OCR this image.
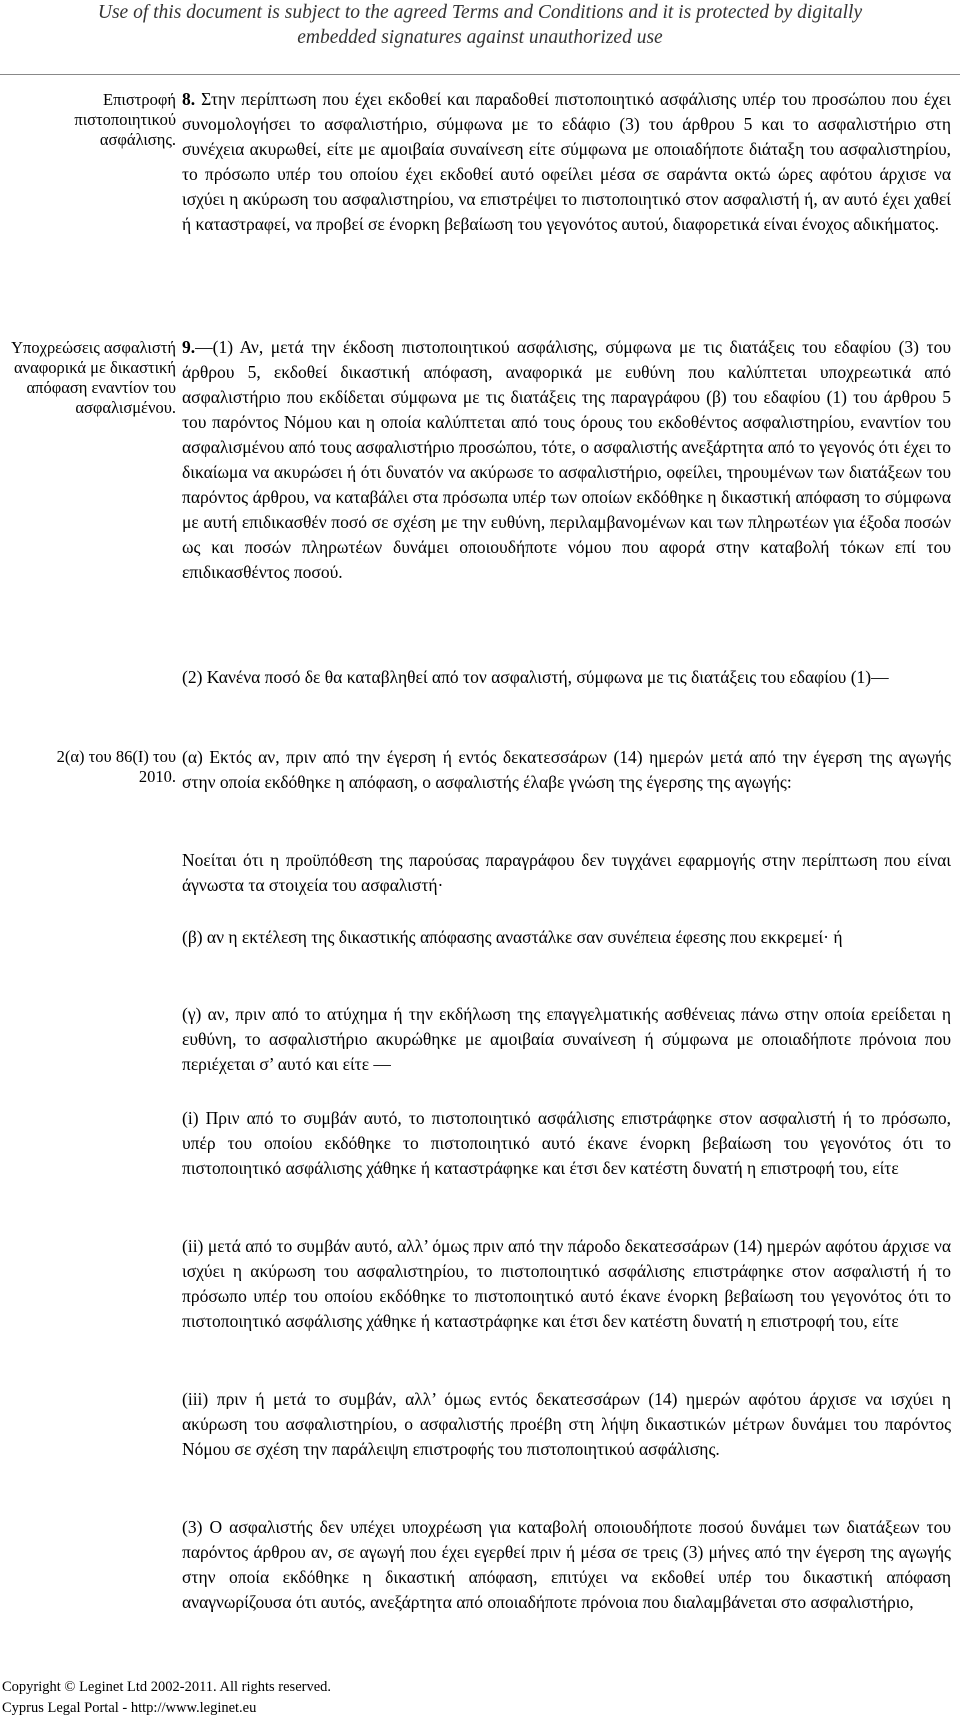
Use of this document is subject to the agreed Terms and Conditions and it is protected by digitally
embedded signatures against unauthorized use
Επιστροφή πιστοποιητικού ασφάλισης.
8. Στην περίπτωση που έχει εκδοθεί και παραδοθεί πιστοποιητικό ασφάλισης υπέρ του προσώπου που έχει συνομολογήσει το ασφαλιστήριο, σύμφωνα με το εδάφιο (3) του άρθρου 5 και το ασφαλιστήριο στη συνέχεια ακυρωθεί, είτε με αμοιβαία συναίνεση είτε σύμφωνα με οποιαδήποτε διάταξη του ασφαλιστηρίου, το πρόσωπο υπέρ του οποίου έχει εκδοθεί αυτό οφείλει μέσα σε σαράντα οκτώ ώρες αφότου άρχισε να ισχύει η ακύρωση του ασφαλιστηρίου, να επιστρέψει το πιστοποιητικό στον ασφαλιστή ή, αν αυτό έχει χαθεί ή καταστραφεί, να προβεί σε ένορκη βεβαίωση του γεγονότος αυτού, διαφορετικά είναι ένοχος αδικήματος.
Υποχρεώσεις ασφαλιστή αναφορικά με δικαστική απόφαση εναντίον του ασφαλισμένου.
9.—(1) Αν, μετά την έκδοση πιστοποιητικού ασφάλισης, σύμφωνα με τις διατάξεις του εδαφίου (3) του άρθρου 5, εκδοθεί δικαστική απόφαση, αναφορικά με ευθύνη που καλύπτεται υποχρεωτικά από ασφαλιστήριο που εκδίδεται σύμφωνα με τις διατάξεις της παραγράφου (β) του εδαφίου (1) του άρθρου 5 του παρόντος Νόμου και η οποία καλύπτεται από τους όρους του εκδοθέντος ασφαλιστηρίου, εναντίον του ασφαλισμένου από τους ασφαλιστήριο προσώπου, τότε, ο ασφαλιστής ανεξάρτητα από το γεγονός ότι έχει το δικαίωμα να ακυρώσει ή ότι δυνατόν να ακύρωσε το ασφαλιστήριο, οφείλει, τηρουμένων των διατάξεων του παρόντος άρθρου, να καταβάλει στα πρόσωπα υπέρ των οποίων εκδόθηκε η δικαστική απόφαση το σύμφωνα με αυτή επιδικασθέν ποσό σε σχέση με την ευθύνη, περιλαμβανομένων και των πληρωτέων για έξοδα ποσών ως και ποσών πληρωτέων δυνάμει οποιουδήποτε νόμου που αφορά στην καταβολή τόκων επί του επιδικασθέντος ποσού.
(2) Κανένα ποσό δε θα καταβληθεί από τον ασφαλιστή, σύμφωνα με τις διατάξεις του εδαφίου (1)—
2(α) του 86(Ι) του
2010.
(α) Εκτός αν, πριν από την έγερση ή εντός δεκατεσσάρων (14) ημερών μετά από την έγερση της αγωγής στην οποία εκδόθηκε η απόφαση, ο ασφαλιστής έλαβε γνώση της έγερσης της αγωγής:
Νοείται ότι η προϋπόθεση της παρούσας παραγράφου δεν τυγχάνει εφαρμογής στην περίπτωση που είναι άγνωστα τα στοιχεία του ασφαλιστή·
(β) αν η εκτέλεση της δικαστικής απόφασης αναστάλκε σαν συνέπεια έφεσης που εκκρεμεί· ή
(γ) αν, πριν από το ατύχημα ή την εκδήλωση της επαγγελματικής ασθένειας πάνω στην οποία ερείδεται η ευθύνη, το ασφαλιστήριο ακυρώθηκε με αμοιβαία συναίνεση ή σύμφωνα με οποιαδήποτε πρόνοια που περιέχεται σ’ αυτό και είτε —
(i) Πριν από το συμβάν αυτό, το πιστοποιητικό ασφάλισης επιστράφηκε στον ασφαλιστή ή το πρόσωπο, υπέρ του οποίου εκδόθηκε το πιστοποιητικό αυτό έκανε ένορκη βεβαίωση του γεγονότος ότι το πιστοποιητικό ασφάλισης χάθηκε ή καταστράφηκε και έτσι δεν κατέστη δυνατή η επιστροφή του, είτε
(ii) μετά από το συμβάν αυτό, αλλ’ όμως πριν από την πάροδο δεκατεσσάρων (14) ημερών αφότου άρχισε να ισχύει η ακύρωση του ασφαλιστηρίου, το πιστοποιητικό ασφάλισης επιστράφηκε στον ασφαλιστή ή το πρόσωπο υπέρ του οποίου εκδόθηκε το πιστοποιητικό αυτό έκανε ένορκη βεβαίωση του γεγονότος ότι το πιστοποιητικό ασφάλισης χάθηκε ή καταστράφηκε και έτσι δεν κατέστη δυνατή η επιστροφή του, είτε
(iii) πριν ή μετά το συμβάν, αλλ’ όμως εντός δεκατεσσάρων (14) ημερών αφότου άρχισε να ισχύει η ακύρωση του ασφαλιστηρίου, ο ασφαλιστής προέβη στη λήψη δικαστικών μέτρων δυνάμει του παρόντος Νόμου σε σχέση την παράλειψη επιστροφής του πιστοποιητικού ασφάλισης.
(3) Ο ασφαλιστής δεν υπέχει υποχρέωση για καταβολή οποιουδήποτε ποσού δυνάμει των διατάξεων του παρόντος άρθρου αν, σε αγωγή που έχει εγερθεί πριν ή μέσα σε τρεις (3) μήνες από την έγερση της αγωγής στην οποία εκδόθηκε η δικαστική απόφαση, επιτύχει να εκδοθεί υπέρ του δικαστική απόφαση αναγνωρίζουσα ότι αυτός, ανεξάρτητα από οποιαδήποτε πρόνοια που διαλαμβάνεται στο ασφαλιστήριο,
Copyright © Leginet Ltd 2002-2011. All rights reserved.
Cyprus Legal Portal - http://www.leginet.eu
